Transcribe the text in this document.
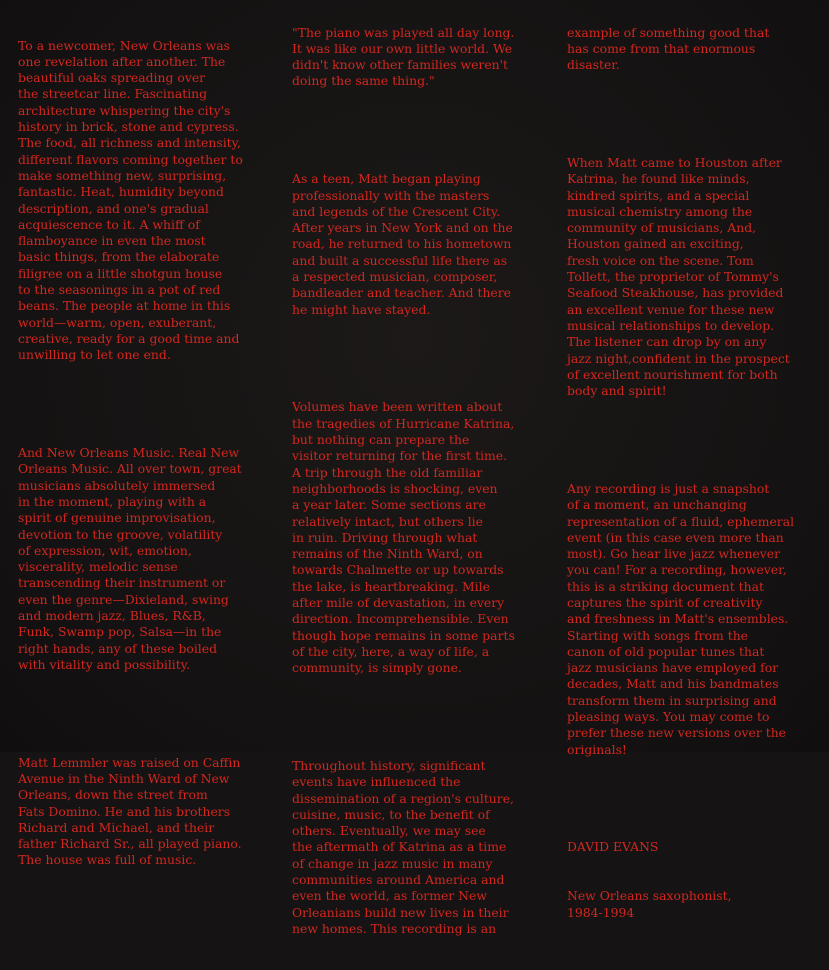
To a newcomer, New Orleans was
one revelation after another. The
beautiful oaks spreading over
the streetcar line. Fascinating
architecture whispering the city's
history in brick, stone and cypress.
The food, all richness and intensity,
different flavors coming together to
make something new, surprising,
fantastic. Heat, humidity beyond
description, and one's gradual
acquiescence to it. A whiff of
flamboyance in even the most
basic things, from the elaborate
filigree on a little shotgun house
to the seasonings in a pot of red
beans. The people at home in this
world—warm, open, exuberant,
creative, ready for a good time and
unwilling to let one end.

And New Orleans Music. Real New
Orleans Music. All over town, great
musicians absolutely immersed
in the moment, playing with a
spirit of genuine improvisation,
devotion to the groove, volatility
of expression, wit, emotion,
viscerality, melodic sense
transcending their instrument or
even the genre—Dixieland, swing
and modern jazz, Blues, R&B,
Funk, Swamp pop, Salsa—in the
right hands, any of these boiled
with vitality and possibility.

Matt Lemmler was raised on Caffin
Avenue in the Ninth Ward of New
Orleans, down the street from
Fats Domino. He and his brothers
Richard and Michael, and their
father Richard Sr., all played piano.
The house was full of music.

"The piano was played all day long.
It was like our own little world. We
didn't know other families weren't
doing the same thing."

As a teen, Matt began playing
professionally with the masters
and legends of the Crescent City.
After years in New York and on the
road, he returned to his hometown
and built a successful life there as
a respected musician, composer,
bandleader and teacher. And there
he might have stayed.

Volumes have been written about
the tragedies of Hurricane Katrina,
but nothing can prepare the
visitor returning for the first time.
A trip through the old familiar
neighborhoods is shocking, even
a year later. Some sections are
relatively intact, but others lie
in ruin. Driving through what
remains of the Ninth Ward, on
towards Chalmette or up towards
the lake, is heartbreaking. Mile
after mile of devastation, in every
direction. Incomprehensible. Even
though hope remains in some parts
of the city, here, a way of life, a
community, is simply gone.

Throughout history, significant
events have influenced the
dissemination of a region's culture,
cuisine, music, to the benefit of
others. Eventually, we may see
the aftermath of Katrina as a time
of change in jazz music in many
communities around America and
even the world, as former New
Orleanians build new lives in their
new homes. This recording is an

example of something good that
has come from that enormous
disaster.

When Matt came to Houston after
Katrina, he found like minds,
kindred spirits, and a special
musical chemistry among the
community of musicians, And,
Houston gained an exciting,
fresh voice on the scene. Tom
Tollett, the proprietor of Tommy's
Seafood Steakhouse, has provided
an excellent venue for these new
musical relationships to develop.
The listener can drop by on any
jazz night,confident in the prospect
of excellent nourishment for both
body and spirit!

Any recording is just a snapshot
of a moment, an unchanging
representation of a fluid, ephemeral
event (in this case even more than
most). Go hear live jazz whenever
you can! For a recording, however,
this is a striking document that
captures the spirit of creativity
and freshness in Matt's ensembles.
Starting with songs from the
canon of old popular tunes that
jazz musicians have employed for
decades, Matt and his bandmates
transform them in surprising and
pleasing ways. You may come to
prefer these new versions over the
originals!

DAVID EVANS

New Orleans saxophonist,
1984-1994
